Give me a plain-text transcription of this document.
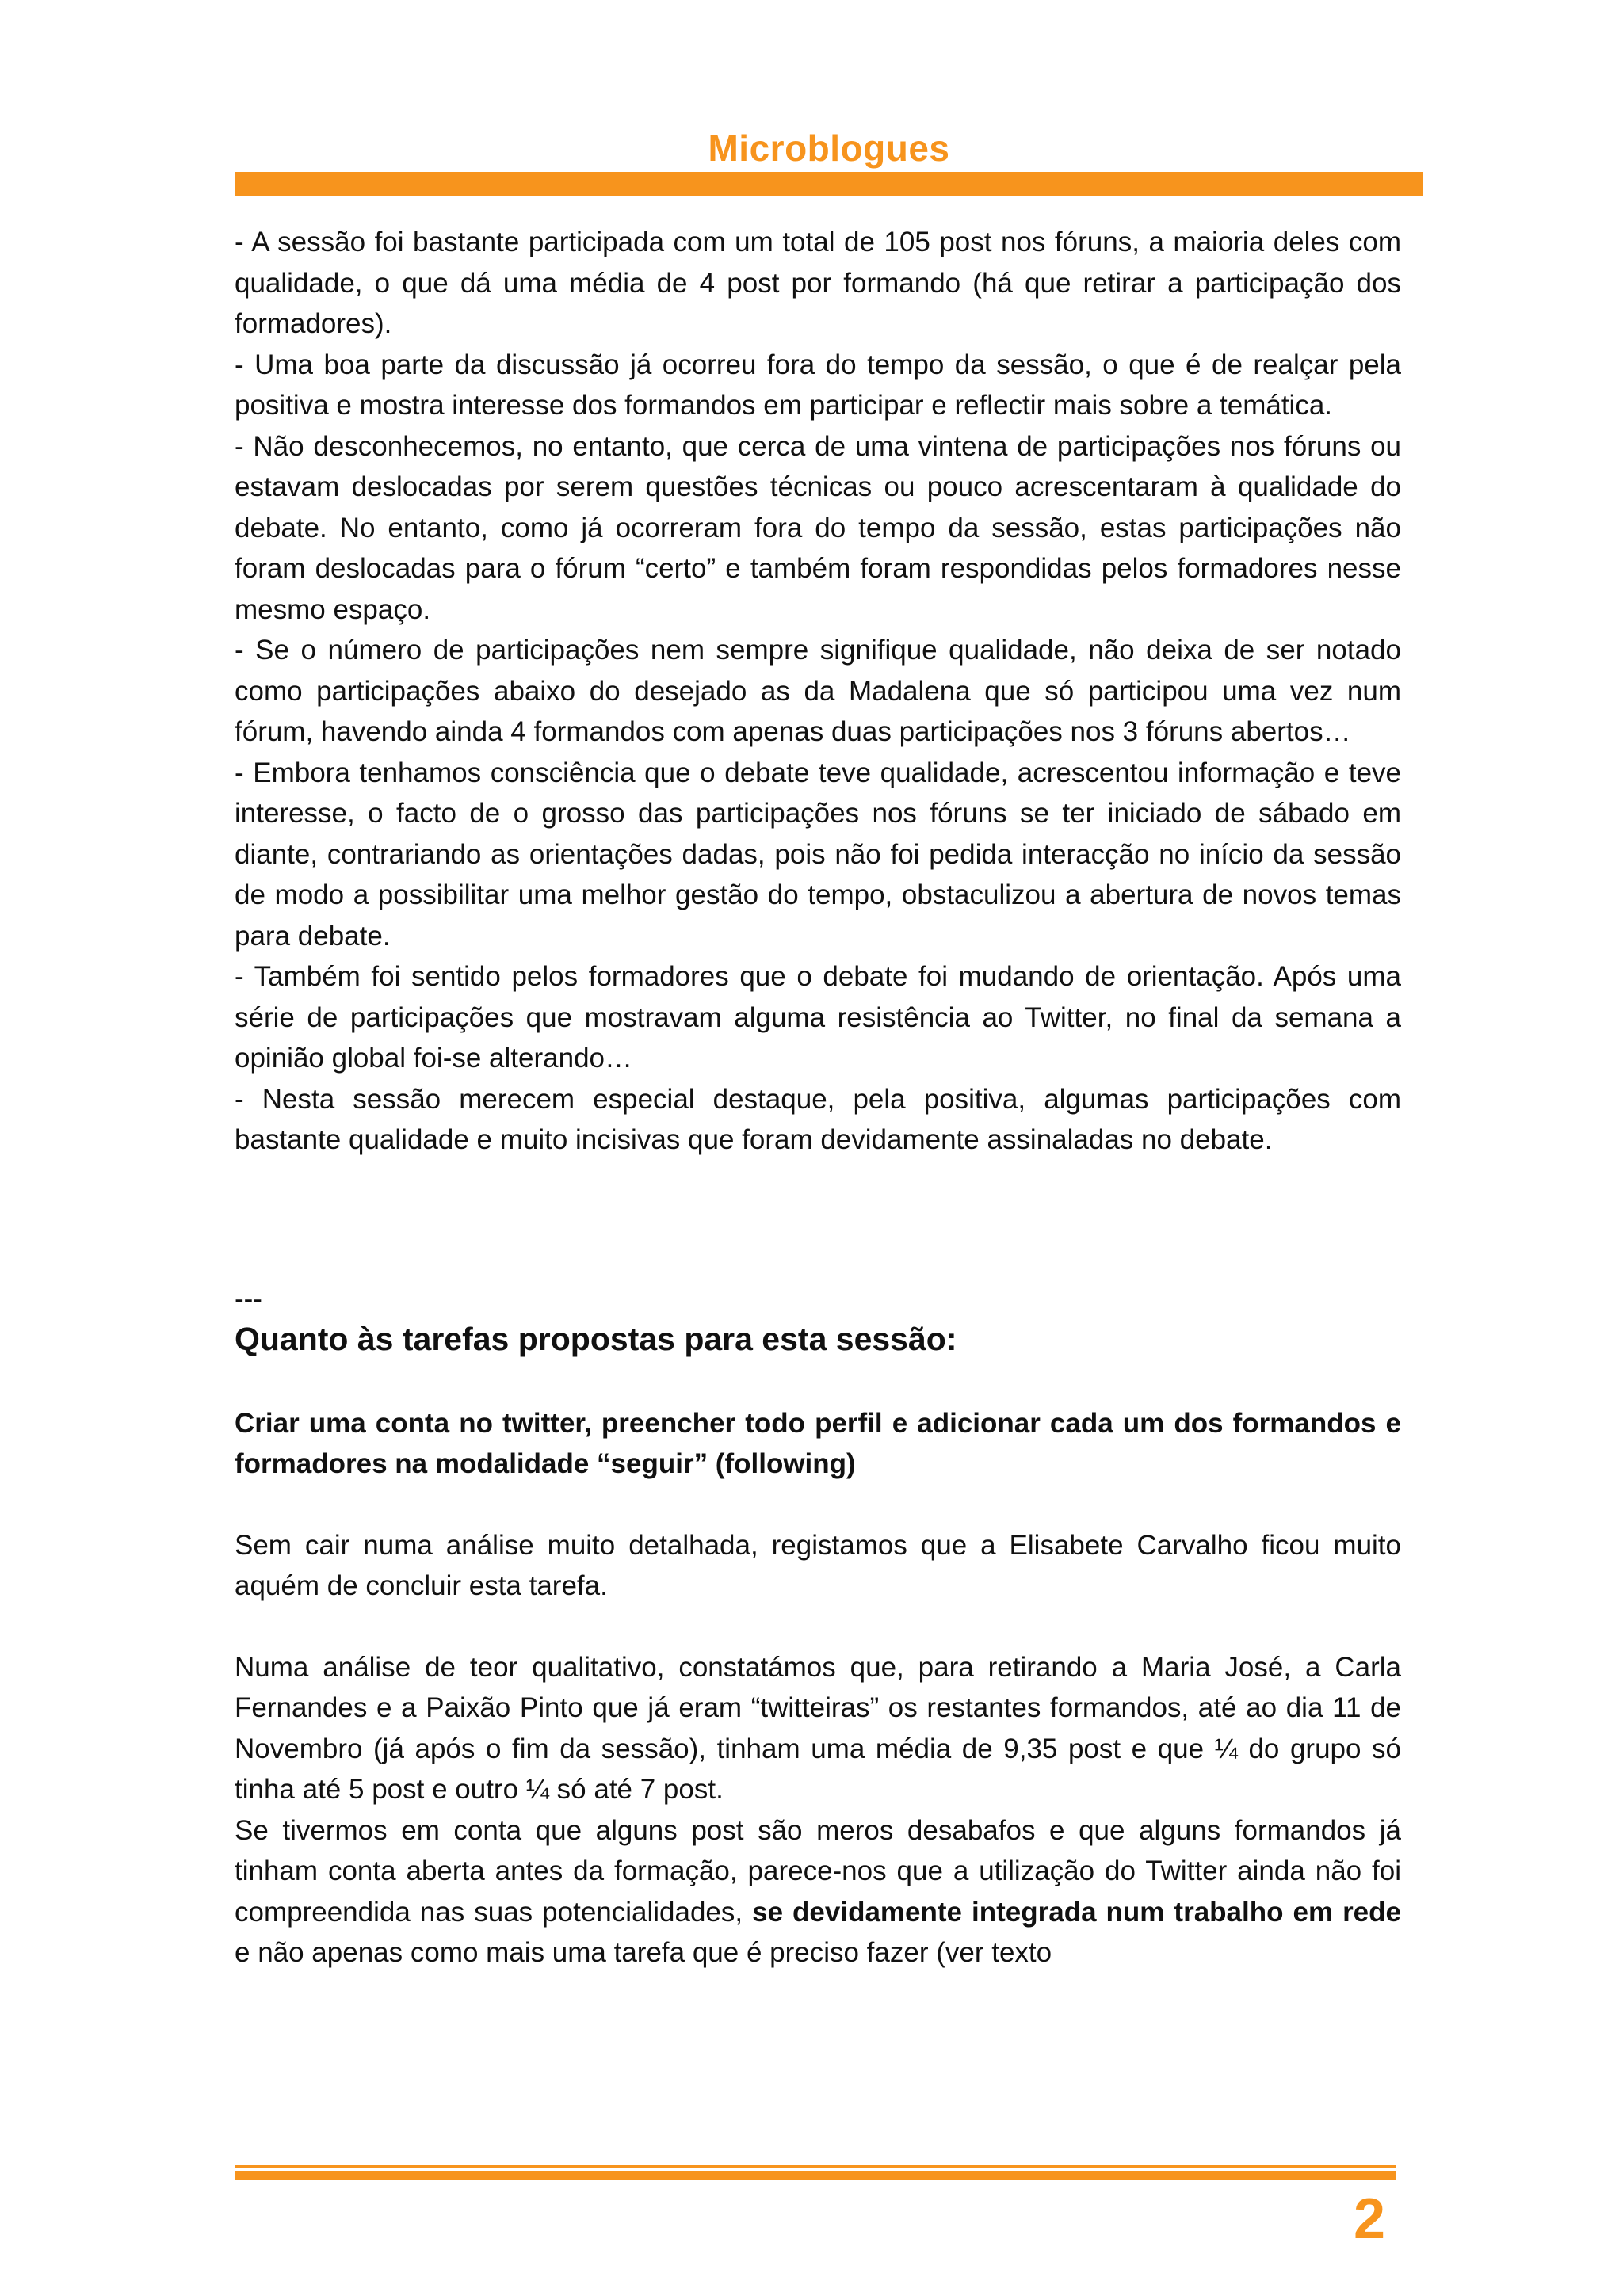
Microblogues

- A sessão foi bastante participada com um total de 105 post nos fóruns, a maioria deles com qualidade, o que dá uma média de 4 post por formando (há que retirar a participação dos formadores).

- Uma boa parte da discussão já ocorreu fora do tempo da sessão, o que é de realçar pela positiva e mostra interesse dos formandos em participar e reflectir mais sobre a temática.

- Não desconhecemos, no entanto, que cerca de uma vintena de participações nos fóruns ou estavam deslocadas por serem questões técnicas ou pouco acrescentaram à qualidade do debate. No entanto, como já ocorreram fora do tempo da sessão, estas participações não foram deslocadas para o fórum “certo” e também foram respondidas pelos formadores nesse mesmo espaço.

- Se o número de participações nem sempre signifique qualidade, não deixa de ser notado como participações abaixo do desejado as da Madalena que só participou uma vez num fórum, havendo ainda 4 formandos com apenas duas participações nos 3 fóruns abertos…

- Embora tenhamos consciência que o debate teve qualidade, acrescentou informação e teve interesse, o facto de o grosso das participações nos fóruns se ter iniciado de sábado em diante, contrariando as orientações dadas, pois não foi pedida interacção no início da sessão de modo a possibilitar uma melhor gestão do tempo, obstaculizou a abertura de novos temas para debate.

- Também foi sentido pelos formadores que o debate foi mudando de orientação. Após uma série de participações que mostravam alguma resistência ao Twitter, no final da semana a opinião global foi-se alterando…

- Nesta sessão merecem especial destaque, pela positiva, algumas participações com bastante qualidade e muito incisivas que foram devidamente assinaladas no debate.

---

Quanto às tarefas propostas para esta sessão:

Criar uma conta no twitter, preencher todo perfil e adicionar cada um dos formandos e formadores na modalidade “seguir” (following)

Sem cair numa análise muito detalhada, registamos que a Elisabete Carvalho ficou muito aquém de concluir esta tarefa.

Numa análise de teor qualitativo, constatámos que, para retirando a Maria José, a Carla Fernandes e a Paixão Pinto que já eram “twitteiras” os restantes formandos, até ao dia 11 de Novembro (já após o fim da sessão), tinham uma média de 9,35 post e que ¼ do grupo só tinha até 5 post e outro ¼ só até 7 post.

Se tivermos em conta que alguns post são meros desabafos e que alguns formandos já tinham conta aberta antes da formação, parece-nos que a utilização do Twitter ainda não foi compreendida nas suas potencialidades, se devidamente integrada num trabalho em rede e não apenas como mais uma tarefa que é preciso fazer (ver texto

2
